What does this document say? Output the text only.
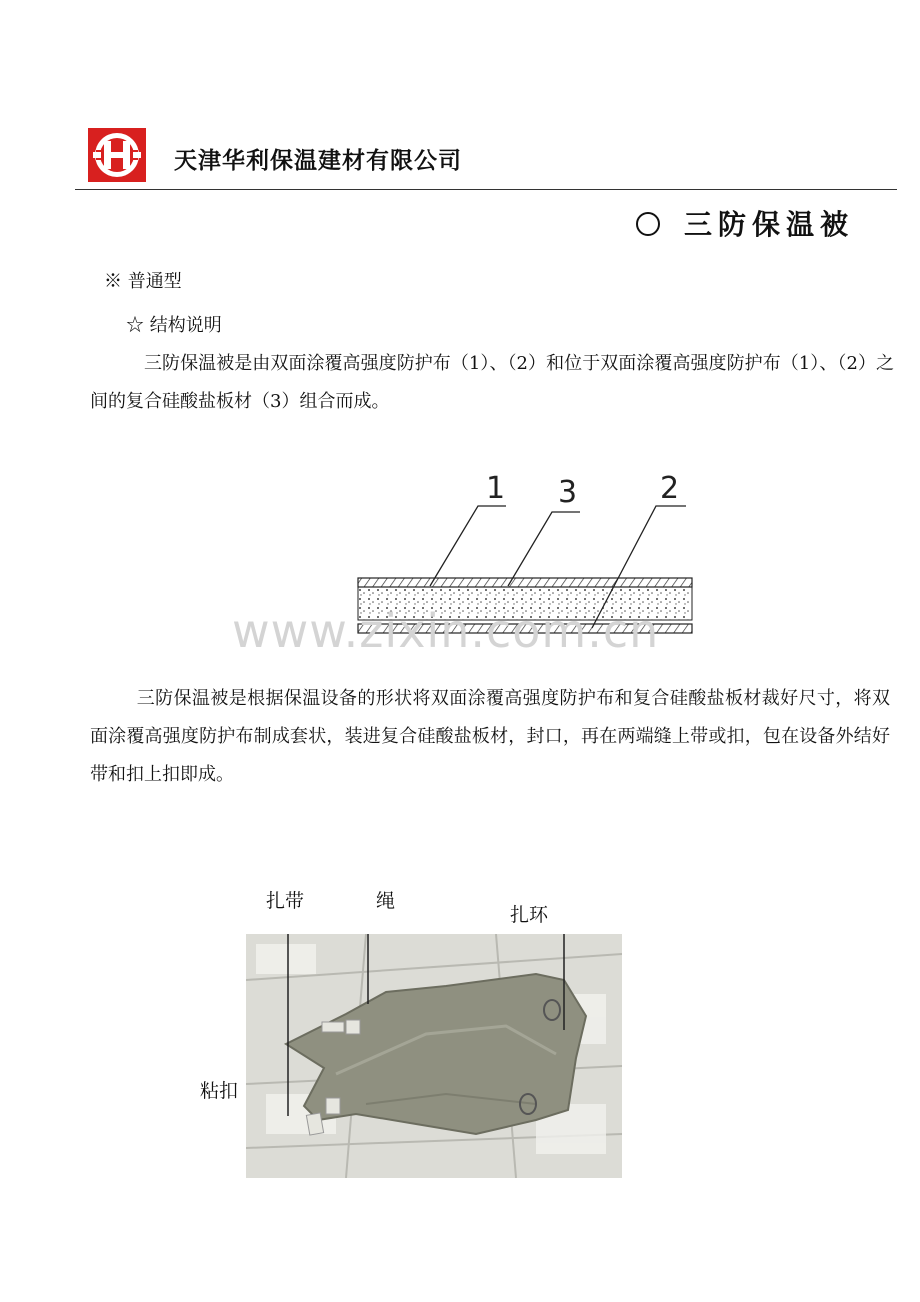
天津华利保温建材有限公司
三防保温被
※ 普通型
☆ 结构说明
三防保温被是由双面涂覆高强度防护布（1）、（2）和位于双面涂覆高强度防护布（1）、（2）之间的复合硅酸盐板材（3）组合而成。
1 3	2
www.zixin.com.cn
三防保温被是根据保温设备的形状将双面涂覆高强度防护布和复合硅酸盐板材裁好尺寸，将双面涂覆高强度防护布制成套状，装进复合硅酸盐板材，封口，再在两端缝上带或扣，包在设备外结好带和扣上扣即成。
扎带	绳
扎环
粘扣
